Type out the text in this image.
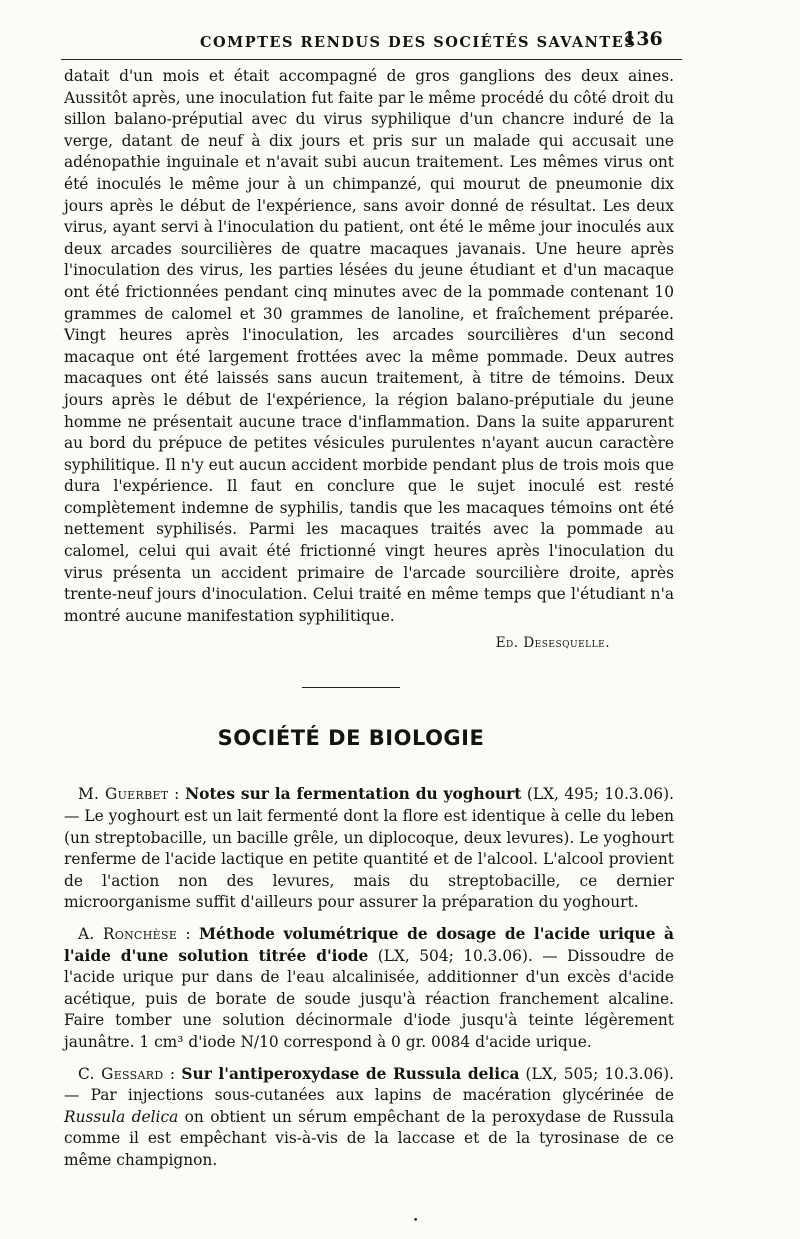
COMPTES RENDUS DES SOCIÉTÉS SAVANTES
136

datait d'un mois et était accompagné de gros ganglions des deux aines. Aussitôt après, une inoculation fut faite par le même procédé du côté droit du sillon balano-préputial avec du virus syphilique d'un chancre induré de la verge, datant de neuf à dix jours et pris sur un malade qui accusait une adénopathie inguinale et n'avait subi aucun traitement. Les mêmes virus ont été inoculés le même jour à un chimpanzé, qui mourut de pneumonie dix jours après le début de l'expérience, sans avoir donné de résultat. Les deux virus, ayant servi à l'inoculation du patient, ont été le même jour inoculés aux deux arcades sourcilières de quatre macaques javanais. Une heure après l'inoculation des virus, les parties lésées du jeune étudiant et d'un macaque ont été frictionnées pendant cinq minutes avec de la pommade contenant 10 grammes de calomel et 30 grammes de lanoline, et fraîchement préparée. Vingt heures après l'inoculation, les arcades sourcilières d'un second macaque ont été largement frottées avec la même pommade. Deux autres macaques ont été laissés sans aucun traitement, à titre de témoins. Deux jours après le début de l'expérience, la région balano-préputiale du jeune homme ne présentait aucune trace d'inflammation. Dans la suite apparurent au bord du prépuce de petites vésicules purulentes n'ayant aucun caractère syphilitique. Il n'y eut aucun accident morbide pendant plus de trois mois que dura l'expérience. Il faut en conclure que le sujet inoculé est resté complètement indemne de syphilis, tandis que les macaques témoins ont été nettement syphilisés. Parmi les macaques traités avec la pommade au calomel, celui qui avait été frictionné vingt heures après l'inoculation du virus présenta un accident primaire de l'arcade sourcilière droite, après trente-neuf jours d'inoculation. Celui traité en même temps que l'étudiant n'a montré aucune manifestation syphilitique.

Ed. Desesquelle.
SOCIÉTÉ DE BIOLOGIE

M. Guerbet : Notes sur la fermentation du yoghourt (LX, 495; 10.3.06). — Le yoghourt est un lait fermenté dont la flore est identique à celle du leben (un streptobacille, un bacille grêle, un diplocoque, deux levures). Le yoghourt renferme de l'acide lactique en petite quantité et de l'alcool. L'alcool provient de l'action non des levures, mais du streptobacille, ce dernier microorganisme suffit d'ailleurs pour assurer la préparation du yoghourt.

A. Ronchèse : Méthode volumétrique de dosage de l'acide urique à l'aide d'une solution titrée d'iode (LX, 504; 10.3.06). — Dissoudre de l'acide urique pur dans de l'eau alcalinisée, additionner d'un excès d'acide acétique, puis de borate de soude jusqu'à réaction franchement alcaline. Faire tomber une solution décinormale d'iode jusqu'à teinte légèrement jaunâtre. 1 cm³ d'iode N/10 correspond à 0 gr. 0084 d'acide urique.

C. Gessard : Sur l'antiperoxydase de Russula delica (LX, 505; 10.3.06). — Par injections sous-cutanées aux lapins de macération glycérinée de Russula delica on obtient un sérum empêchant de la peroxydase de Russula comme il est empêchant vis-à-vis de la laccase et de la tyrosinase de ce même champignon.

•
